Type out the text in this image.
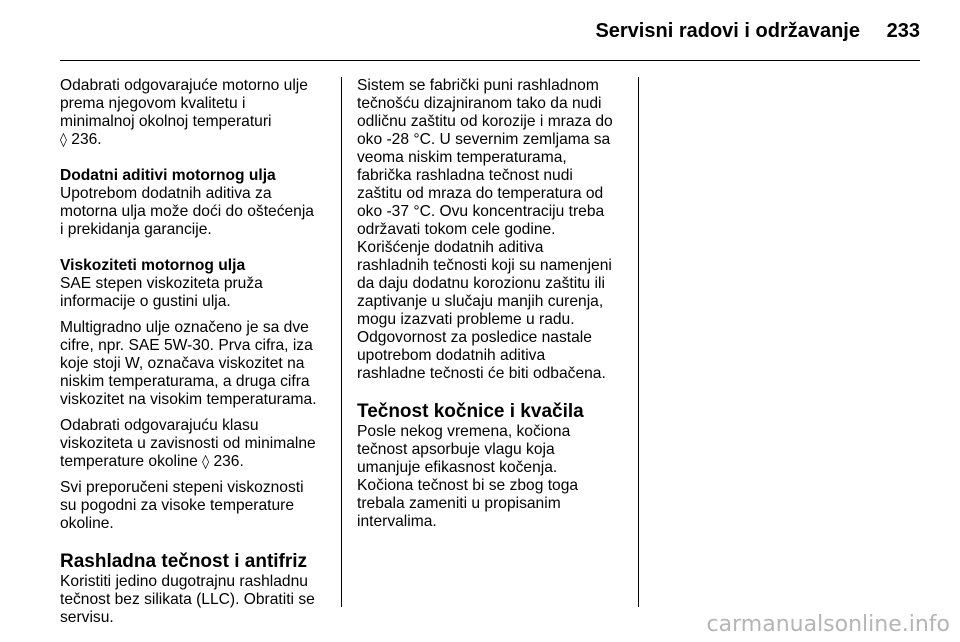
Servisni radovi i održavanje	233

Odabrati odgovarajuće motorno ulje
prema njegovom kvalitetu i
minimalnoj okolnoj temperaturi
◊ 236.

Dodatni aditivi motornog ulja

Upotrebom dodatnih aditiva za
motorna ulja može doći do oštećenja
i prekidanja garancije.

Viskoziteti motornog ulja

SAE stepen viskoziteta pruža
informacije o gustini ulja.

Multigradno ulje označeno je sa dve
cifre, npr. SAE 5W-30. Prva cifra, iza
koje stoji W, označava viskozitet na
niskim temperaturama, a druga cifra
viskozitet na visokim temperaturama.

Odabrati odgovarajuću klasu
viskoziteta u zavisnosti od minimalne
temperature okoline ◊ 236.

Svi preporučeni stepeni viskoznosti
su pogodni za visoke temperature
okoline.

Rashladna tečnost i antifriz

Koristiti jedino dugotrajnu rashladnu
tečnost bez silikata (LLC). Obratiti se
servisu.

Sistem se fabrički puni rashladnom
tečnošću dizajniranom tako da nudi
odličnu zaštitu od korozije i mraza do
oko -28 °C. U severnim zemljama sa
veoma niskim temperaturama,
fabrička rashladna tečnost nudi
zaštitu od mraza do temperatura od
oko -37 °C. Ovu koncentraciju treba
održavati tokom cele godine.
Korišćenje dodatnih aditiva
rashladnih tečnosti koji su namenjeni
da daju dodatnu korozionu zaštitu ili
zaptivanje u slučaju manjih curenja,
mogu izazvati probleme u radu.
Odgovornost za posledice nastale
upotrebom dodatnih aditiva
rashladne tečnosti će biti odbačena.

Tečnost kočnice i kvačila

Posle nekog vremena, kočiona
tečnost apsorbuje vlagu koja
umanjuje efikasnost kočenja.
Kočiona tečnost bi se zbog toga
trebala zameniti u propisanim
intervalima.

carmanualsonline.info
